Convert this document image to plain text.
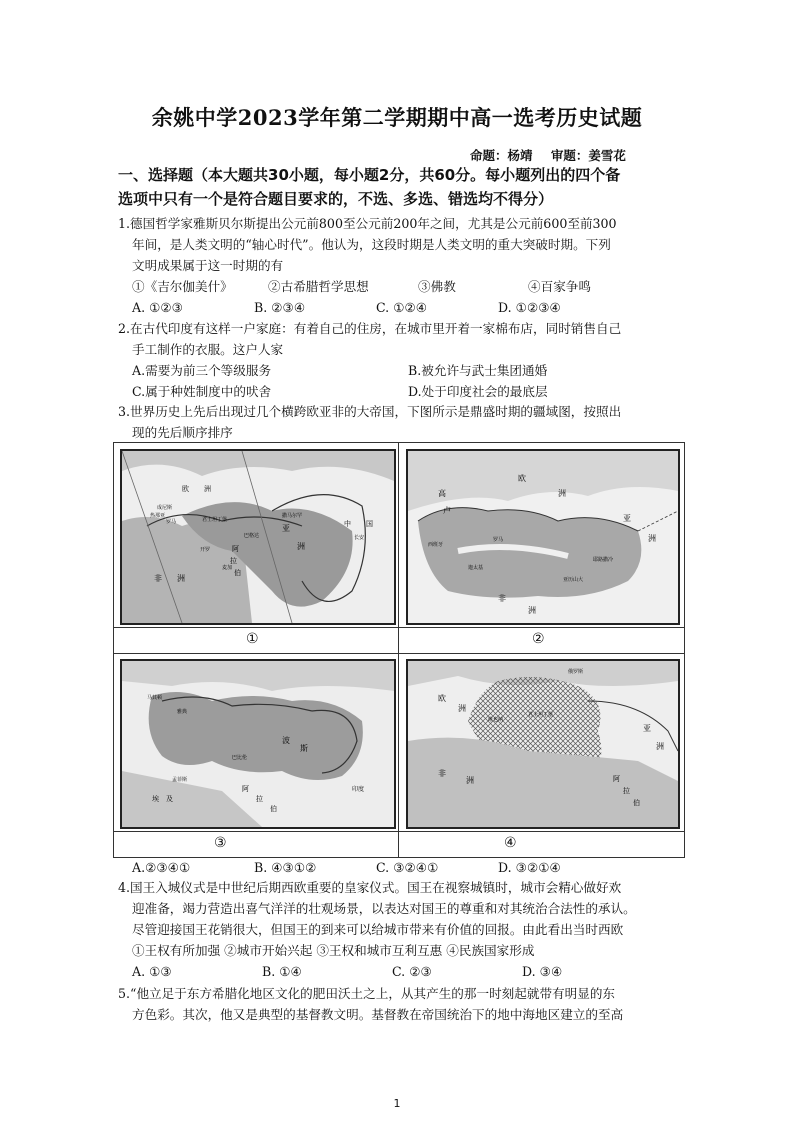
余姚中学2023学年第二学期期中高一选考历史试题
命题：杨靖 审题：姜雪花
一、选择题（本大题共30小题，每小题2分，共60分。每小题列出的四个备
选项中只有一个是符合题目要求的，不选、多选、错选均不得分）

1.德国哲学家雅斯贝尔斯提出公元前800至公元前200年之间，尤其是公元前600至前300

年间，是人类文明的“轴心时代”。他认为，这段时期是人类文明的重大突破时期。下列

文明成果属于这一时期的有

①《吉尔伽美什》	②古希腊哲学思想	③佛教	④百家争鸣
A. ①②③	B. ②③④	C. ①②④	D. ①②③④

2.在古代印度有这样一户家庭：有着自己的住房，在城市里开着一家棉布店，同时销售自己

手工制作的衣服。这户人家

A.需要为前三个等级服务	B.被允许与武士集团通婚
C.属于种姓制度中的吠舍	D.处于印度社会的最底层

3.世界历史上先后出现过几个横跨欧亚非的大帝国，下图所示是鼎盛时期的疆域图，按照出

现的先后顺序排序

欧 洲
成尼斯
热那亚
罗马	君士坦丁堡
开罗
麦加
非 洲
阿
拉
伯
亚
洲
中 国
长安
巴格达
撒马尔罕
①
欧
洲
高
卢
罗马
西班牙
迦太基
亚历山大
耶路撒冷
非
洲
亚
洲
②
马其顿
雅典
孟菲斯
巴比伦
波
斯
阿
拉
伯
埃 及
印度
③
俄罗斯
欧
洲
维也纳
君士坦丁堡
非
洲	阿
拉
伯
亚
洲
④
A.②③④①	B. ④③①②	C. ③②④①	D. ③②①④

4.国王入城仪式是中世纪后期西欧重要的皇家仪式。国王在视察城镇时，城市会精心做好欢

迎准备，竭力营造出喜气洋洋的壮观场景，以表达对国王的尊重和对其统治合法性的承认。

尽管迎接国王花销很大，但国王的到来可以给城市带来有价值的回报。由此看出当时西欧

①王权有所加强 ②城市开始兴起 ③王权和城市互利互惠 ④民族国家形成

A. ①③	B. ①④	C. ②③	D. ③④

5.“他立足于东方希腊化地区文化的肥田沃土之上，从其产生的那一时刻起就带有明显的东

方色彩。其次，他又是典型的基督教文明。基督教在帝国统治下的地中海地区建立的至高

1
